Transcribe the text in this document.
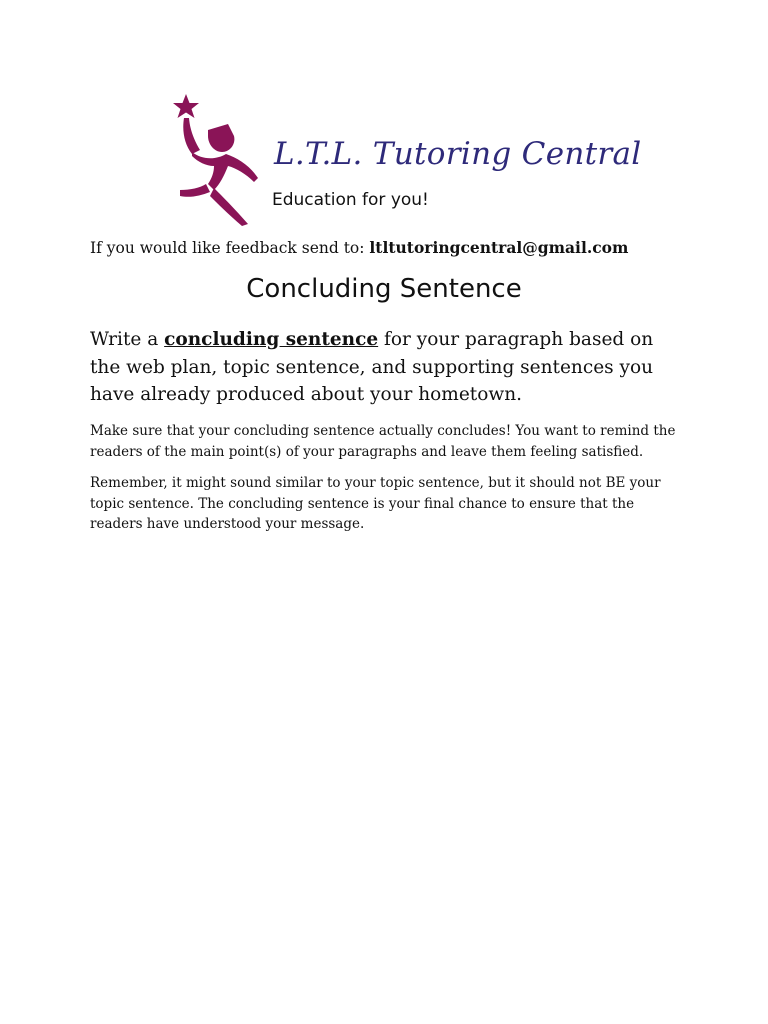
L.T.L. Tutoring Central
Education for you!
If you would like feedback send to: ltltutoringcentral@gmail.com
Concluding Sentence
Write a concluding sentence for your paragraph based on the web plan, topic sentence, and supporting sentences you have already produced about your hometown.

Make sure that your concluding sentence actually concludes! You want to remind the readers of the main point(s) of your paragraphs and leave them feeling satisfied.

Remember, it might sound similar to your topic sentence, but it should not BE your topic sentence. The concluding sentence is your final chance to ensure that the readers have understood your message.
